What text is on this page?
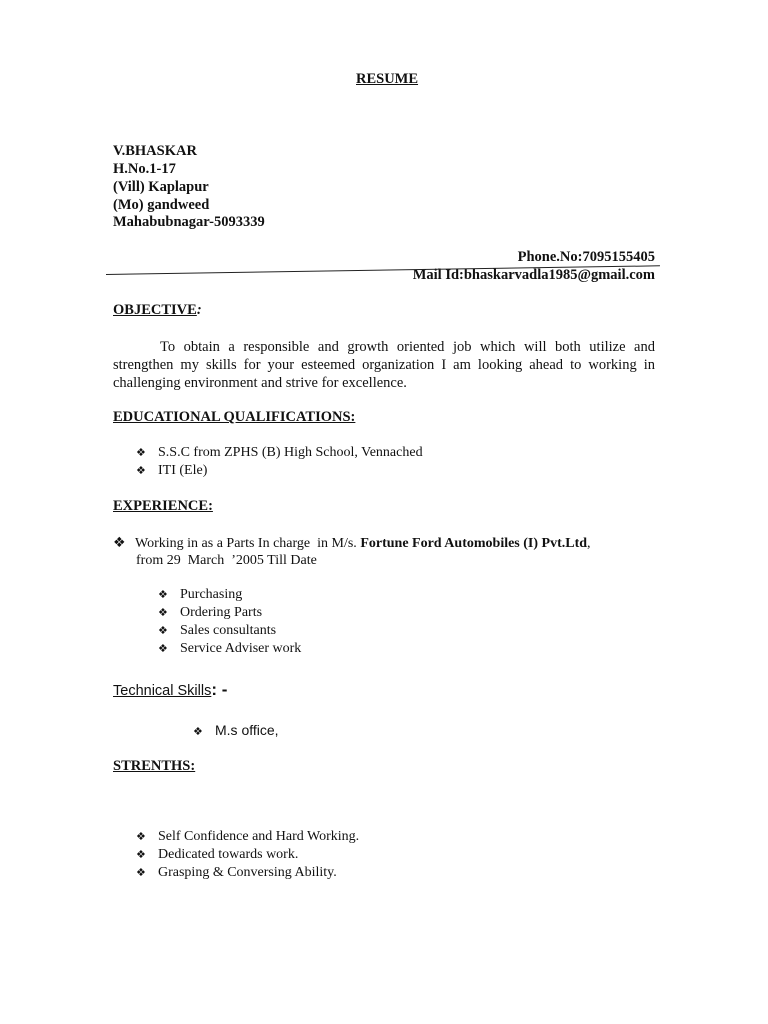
RESUME
V.BHASKAR
H.No.1-17
(Vill) Kaplapur
(Mo) gandweed
Mahabubnagar-5093339
Phone.No:7095155405
Mail Id:bhaskarvadla1985@gmail.com
OBJECTIVE:
To obtain a responsible and growth oriented job which will both utilize and strengthen my skills for your esteemed organization I am looking ahead to working in challenging environment and strive for excellence.
EDUCATIONAL QUALIFICATIONS:
❖ S.S.C from ZPHS (B) High School, Vennached
❖ ITI (Ele)
EXPERIENCE:
❖ Working in as a Parts In charge  in M/s. Fortune Ford Automobiles (I) Pvt.Ltd,
from 29  March  ’2005 Till Date
❖ Purchasing
❖ Ordering Parts
❖ Sales consultants
❖ Service Adviser work
Technical Skills: -
❖ M.s office,
STRENTHS:
❖ Self Confidence and Hard Working.
❖ Dedicated towards work.
❖ Grasping & Conversing Ability.
